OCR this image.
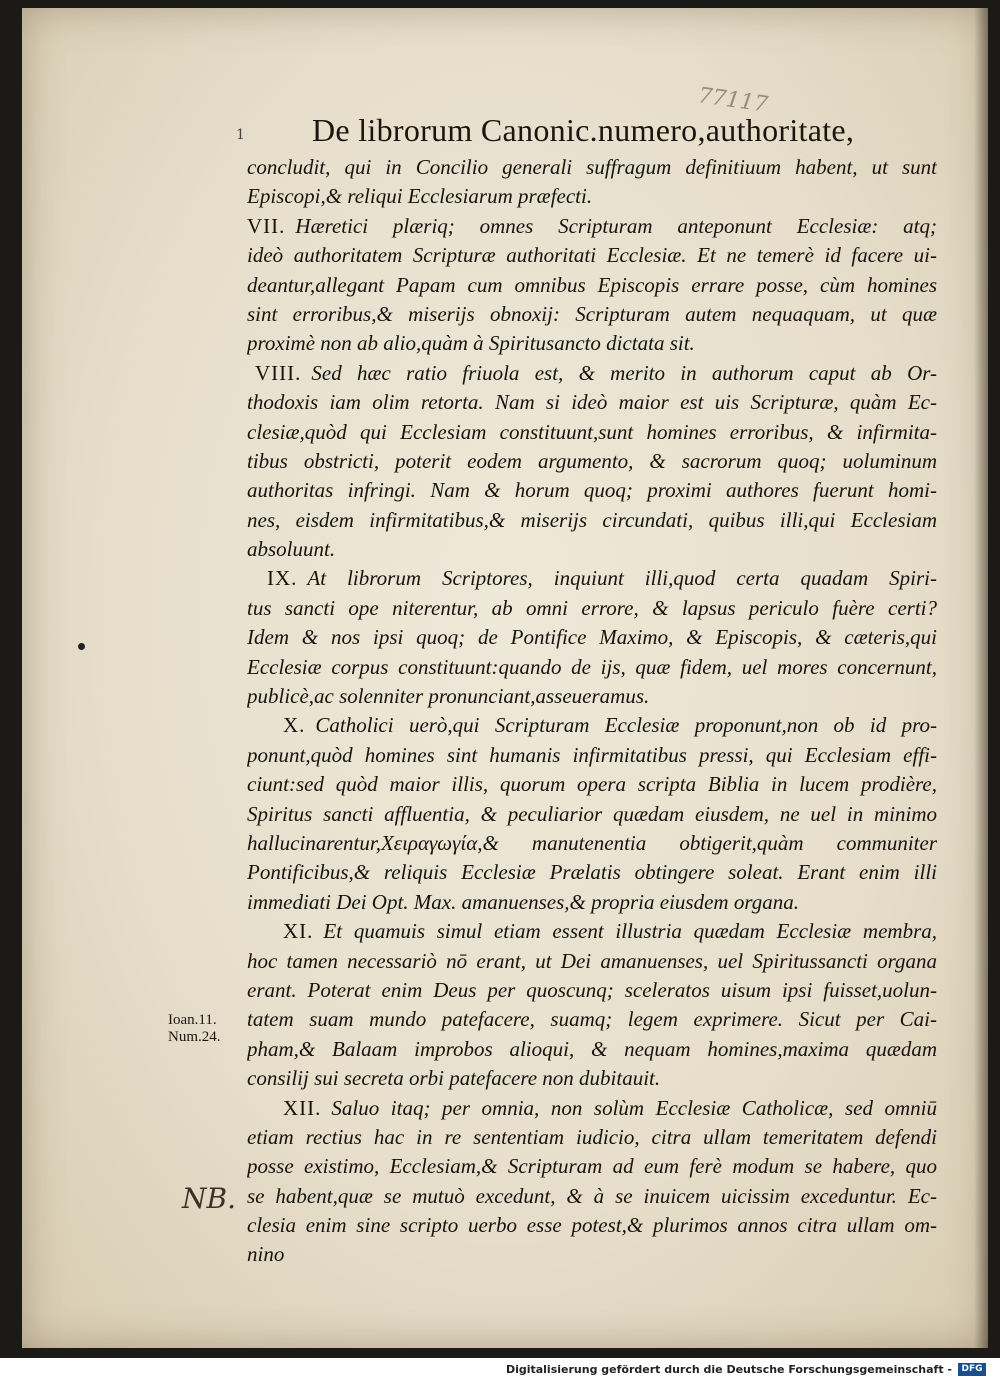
77117
1 De librorum Canonic.numero,authoritate,
concludit, qui in Concilio generali suffragum definitiuum habent, ut sunt
Episcopi,& reliqui Ecclesiarum præfecti.
VII. Hæretici plæriq; omnes Scripturam anteponunt Ecclesiæ: atq;
ideò authoritatem Scripturæ authoritati Ecclesiæ. Et ne temerè id facere ui-
deantur,allegant Papam cum omnibus Episcopis errare posse, cùm homines
sint erroribus,& miserijs obnoxij: Scripturam autem nequaquam, ut quæ
proximè non ab alio,quàm à Spiritusancto dictata sit.
VIII. Sed hæc ratio friuola est, & merito in authorum caput ab Or-
thodoxis iam olim retorta. Nam si ideò maior est uis Scripturæ, quàm Ec-
clesiæ,quòd qui Ecclesiam constituunt,sunt homines erroribus, & infirmita-
tibus obstricti, poterit eodem argumento, & sacrorum quoq; uoluminum
authoritas infringi. Nam & horum quoq; proximi authores fuerunt homi-
nes, eisdem infirmitatibus,& miserijs circundati, quibus illi,qui Ecclesiam
absoluunt.
IX. At librorum Scriptores, inquiunt illi,quod certa quadam Spiri-
tus sancti ope niterentur, ab omni errore, & lapsus periculo fuère certi?
Idem & nos ipsi quoq; de Pontifice Maximo, & Episcopis, & cæteris,qui
Ecclesiæ corpus constituunt:quando de ijs, quæ fidem, uel mores concernunt,
publicè,ac solenniter pronunciant,asseueramus.
X. Catholici uerò,qui Scripturam Ecclesiæ proponunt,non ob id pro-
ponunt,quòd homines sint humanis infirmitatibus pressi, qui Ecclesiam effi-
ciunt:sed quòd maior illis, quorum opera scripta Biblia in lucem prodière,
Spiritus sancti affluentia, & peculiarior quædam eiusdem, ne uel in minimo
hallucinarentur,Χειραγωγία,& manutenentia obtigerit,quàm communiter
Pontificibus,& reliquis Ecclesiæ Prælatis obtingere soleat. Erant enim illi
immediati Dei Opt. Max. amanuenses,& propria eiusdem organa.
XI. Et quamuis simul etiam essent illustria quædam Ecclesiæ membra,
hoc tamen necessariò nō erant, ut Dei amanuenses, uel Spiritussancti organa
erant. Poterat enim Deus per quoscunq; sceleratos uisum ipsi fuisset,uolun-
tatem suam mundo patefacere, suamq; legem exprimere. Sicut per Cai-
pham,& Balaam improbos alioqui, & nequam homines,maxima quædam
consilij sui secreta orbi patefacere non dubitauit.
XII. Saluo itaq; per omnia, non solùm Ecclesiæ Catholicæ, sed omniū
etiam rectius hac in re sententiam iudicio, citra ullam temeritatem defendi
posse existimo, Ecclesiam,& Scripturam ad eum ferè modum se habere, quo
se habent,quæ se mutuò excedunt, & à se inuicem uicissim exceduntur. Ec-
clesia enim sine scripto uerbo esse potest,& plurimos annos citra ullam om-
nino
Ioan.11.
Num.24.
NB.
Digitalisierung gefördert durch die Deutsche Forschungsgemeinschaft -	DFG
